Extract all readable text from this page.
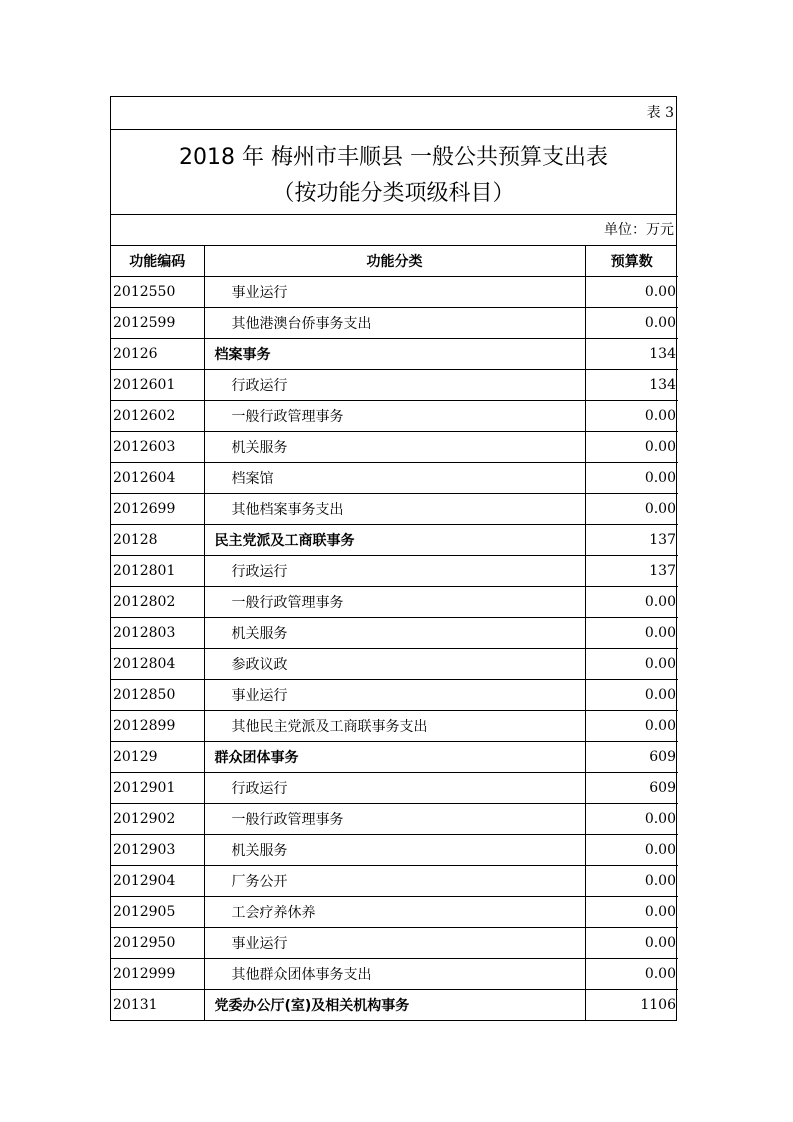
表 3
2018 年 梅州市丰顺县 一般公共预算支出表
（按功能分类项级科目）
单位：万元
功能编码	功能分类	预算数
2012550	事业运行	0.00
2012599	其他港澳台侨事务支出	0.00
20126	档案事务	134
2012601	行政运行	134
2012602	一般行政管理事务	0.00
2012603	机关服务	0.00
2012604	档案馆	0.00
2012699	其他档案事务支出	0.00
20128	民主党派及工商联事务	137
2012801	行政运行	137
2012802	一般行政管理事务	0.00
2012803	机关服务	0.00
2012804	参政议政	0.00
2012850	事业运行	0.00
2012899	其他民主党派及工商联事务支出	0.00
20129	群众团体事务	609
2012901	行政运行	609
2012902	一般行政管理事务	0.00
2012903	机关服务	0.00
2012904	厂务公开	0.00
2012905	工会疗养休养	0.00
2012950	事业运行	0.00
2012999	其他群众团体事务支出	0.00
20131	党委办公厅(室)及相关机构事务	1106
